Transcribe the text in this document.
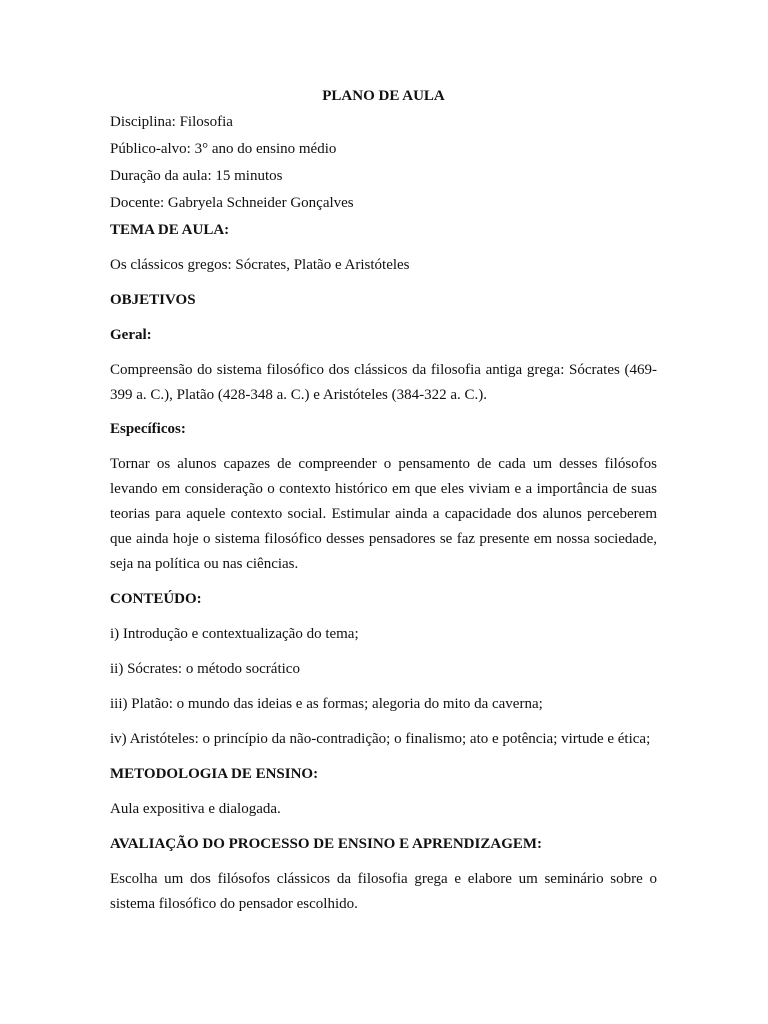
PLANO DE AULA

Disciplina: Filosofia

Público-alvo: 3° ano do ensino médio

Duração da aula: 15 minutos

Docente: Gabryela Schneider Gonçalves

TEMA DE AULA:

Os clássicos gregos: Sócrates, Platão e Aristóteles

OBJETIVOS

Geral:

Compreensão do sistema filosófico dos clássicos da filosofia antiga grega: Sócrates (469-399 a. C.), Platão (428-348 a. C.) e Aristóteles (384-322 a. C.).

Específicos:

Tornar os alunos capazes de compreender o pensamento de cada um desses filósofos levando em consideração o contexto histórico em que eles viviam e a importância de suas teorias para aquele contexto social. Estimular ainda a capacidade dos alunos perceberem que ainda hoje o sistema filosófico desses pensadores se faz presente em nossa sociedade, seja na política ou nas ciências.

CONTEÚDO:

i) Introdução e contextualização do tema;

ii) Sócrates: o método socrático

iii) Platão: o mundo das ideias e as formas; alegoria do mito da caverna;

iv) Aristóteles: o princípio da não-contradição; o finalismo; ato e potência; virtude e ética;

METODOLOGIA DE ENSINO:

Aula expositiva e dialogada.

AVALIAÇÃO DO PROCESSO DE ENSINO E APRENDIZAGEM:

Escolha um dos filósofos clássicos da filosofia grega e elabore um seminário sobre o sistema filosófico do pensador escolhido.
